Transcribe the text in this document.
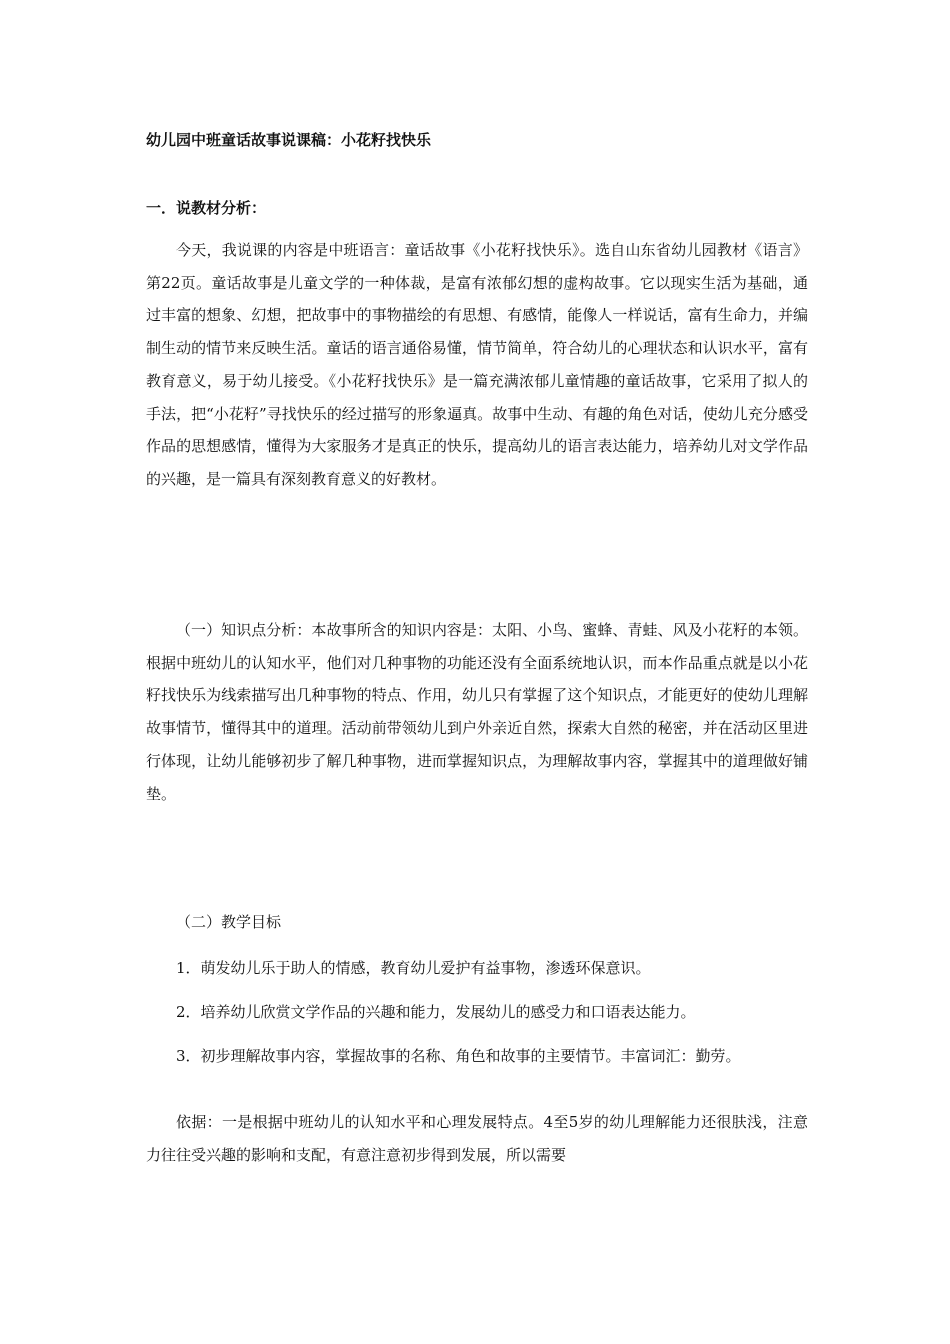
幼儿园中班童话故事说课稿：小花籽找快乐
一．说教材分析：

今天，我说课的内容是中班语言：童话故事《小花籽找快乐》。选自山东省幼儿园教材《语言》第22页。童话故事是儿童文学的一种体裁，是富有浓郁幻想的虚构故事。它以现实生活为基础，通过丰富的想象、幻想，把故事中的事物描绘的有思想、有感情，能像人一样说话，富有生命力，并编制生动的情节来反映生活。童话的语言通俗易懂，情节简单，符合幼儿的心理状态和认识水平，富有教育意义，易于幼儿接受。《小花籽找快乐》是一篇充满浓郁儿童情趣的童话故事，它采用了拟人的手法，把“小花籽”寻找快乐的经过描写的形象逼真。故事中生动、有趣的角色对话，使幼儿充分感受作品的思想感情，懂得为大家服务才是真正的快乐，提高幼儿的语言表达能力，培养幼儿对文学作品的兴趣，是一篇具有深刻教育意义的好教材。

（一）知识点分析：本故事所含的知识内容是：太阳、小鸟、蜜蜂、青蛙、风及小花籽的本领。根据中班幼儿的认知水平，他们对几种事物的功能还没有全面系统地认识，而本作品重点就是以小花籽找快乐为线索描写出几种事物的特点、作用，幼儿只有掌握了这个知识点，才能更好的使幼儿理解故事情节，懂得其中的道理。活动前带领幼儿到户外亲近自然，探索大自然的秘密，并在活动区里进行体现，让幼儿能够初步了解几种事物，进而掌握知识点，为理解故事内容，掌握其中的道理做好铺垫。

（二）教学目标
1．萌发幼儿乐于助人的情感，教育幼儿爱护有益事物，渗透环保意识。
2．培养幼儿欣赏文学作品的兴趣和能力，发展幼儿的感受力和口语表达能力。
3．初步理解故事内容，掌握故事的名称、角色和故事的主要情节。丰富词汇：勤劳。

依据：一是根据中班幼儿的认知水平和心理发展特点。4至5岁的幼儿理解能力还很肤浅，注意力往往受兴趣的影响和支配，有意注意初步得到发展，所以需要
